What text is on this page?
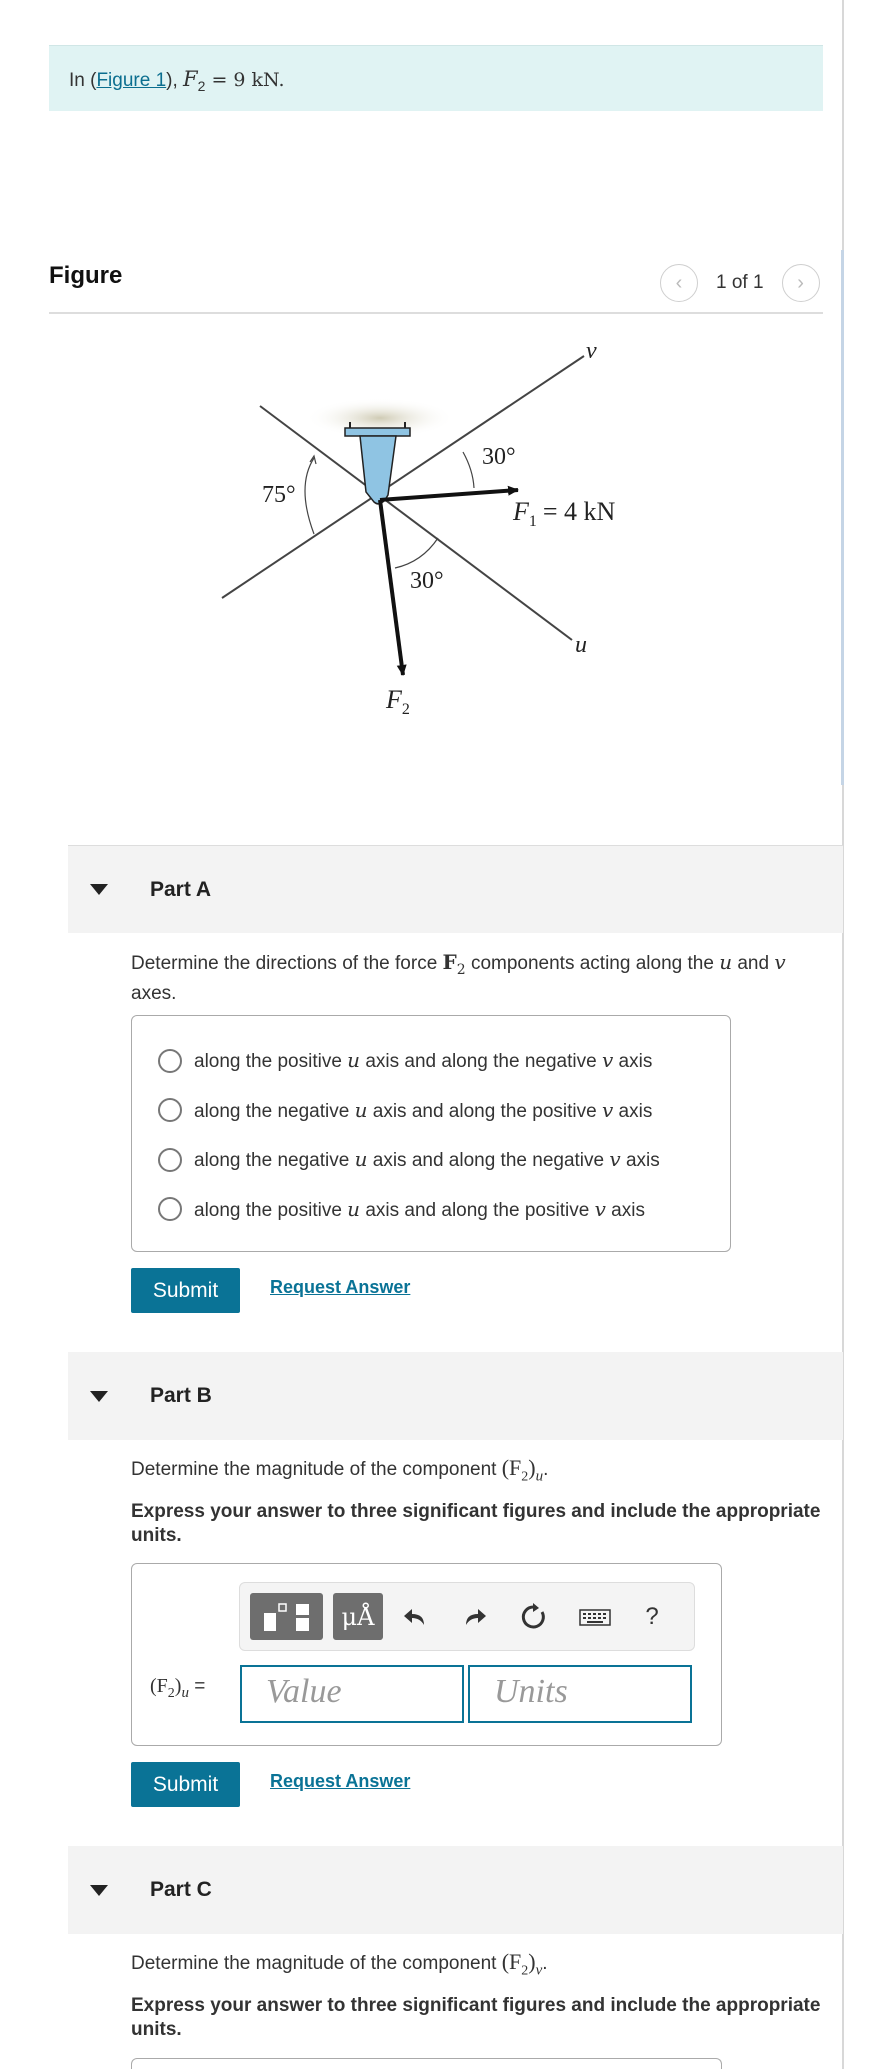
In (Figure 1), $F_2 = 9$ kN.
Figure	‹ 1 of 1 ›
v
u
75°
30°
30°
$F_1 = 4$ kN
$F_2$
Part A
Determine the directions of the force $F_2$ components acting along the u and v
axes.
along the positive u axis and along the negative v axis
along the negative u axis and along the positive v axis
along the negative u axis and along the negative v axis
along the positive u axis and along the positive v axis
Submit	Request Answer
Part B
Determine the magnitude of the component $(F_2)_u$.
Express your answer to three significant figures and include the appropriate units.
μÅ	?
$(F_2)_u$ =	Value	Units
Submit	Request Answer
Part C
Determine the magnitude of the component $(F_2)_v$.
Express your answer to three significant figures and include the appropriate units.
